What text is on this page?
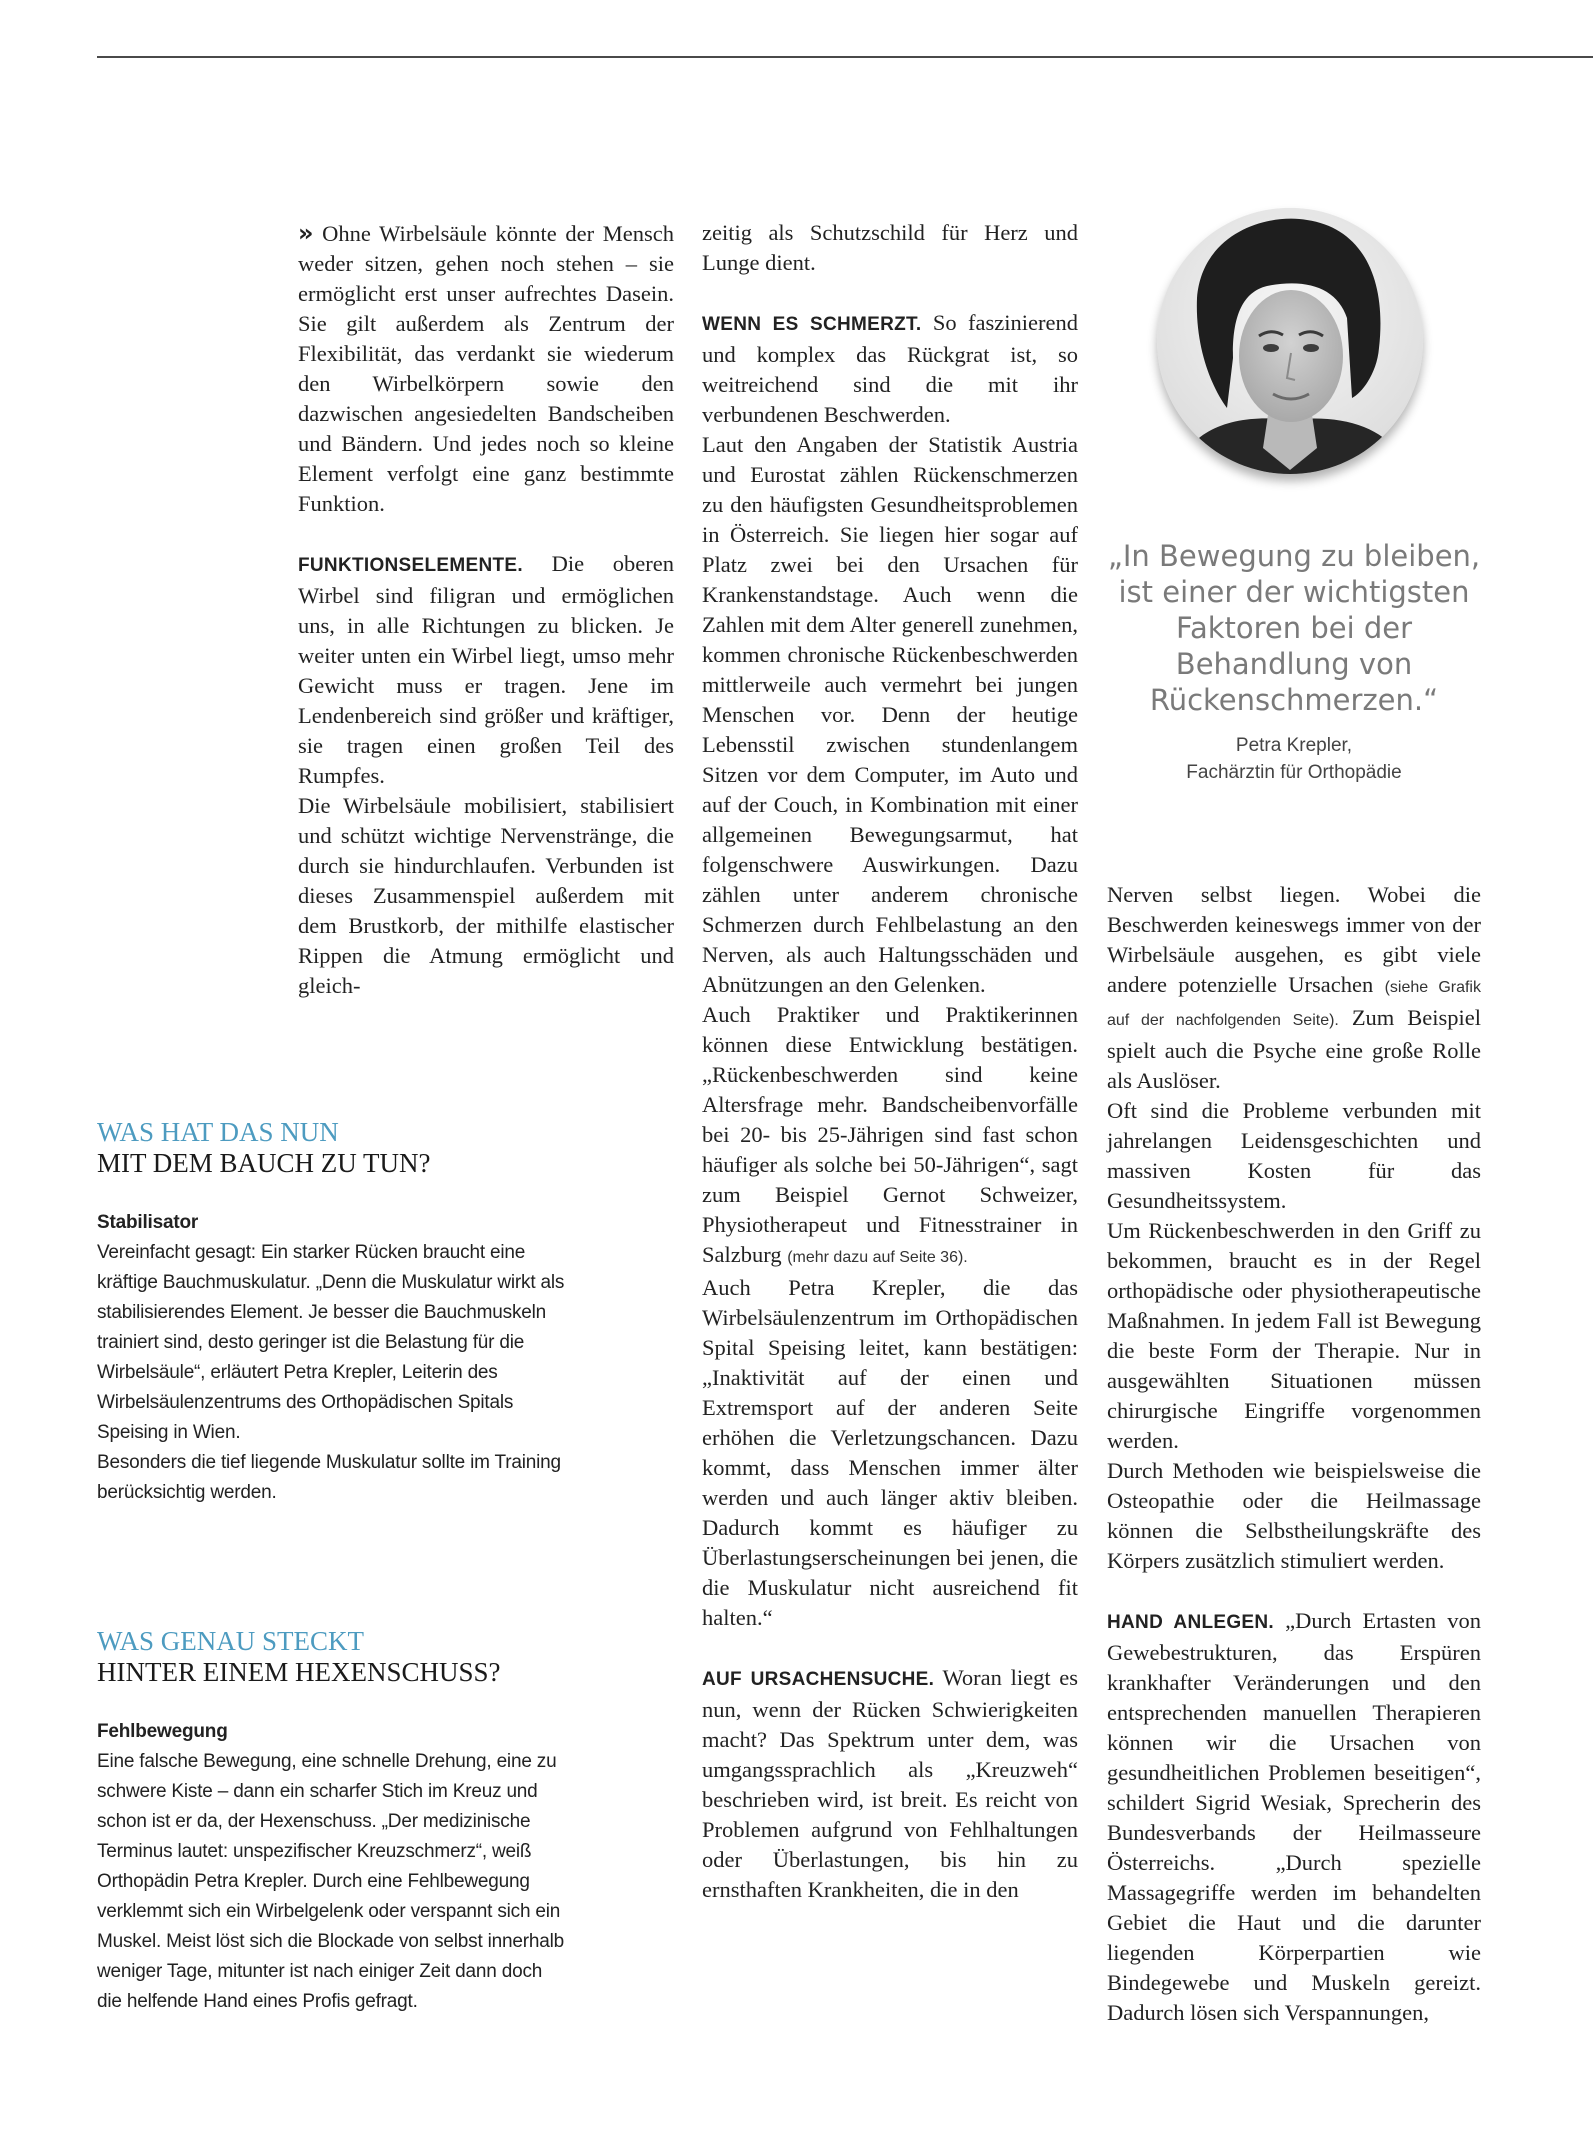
» Ohne Wirbelsäule könnte der Mensch weder sitzen, gehen noch stehen – sie ermöglicht erst unser aufrechtes Dasein. Sie gilt außerdem als Zentrum der Flexibilität, das verdankt sie wiederum den Wirbelkörpern sowie den dazwischen angesiedelten Bandscheiben und Bändern. Und jedes noch so kleine Element verfolgt eine ganz bestimmte Funktion.

FUNKTIONSELEMENTE. Die oberen Wirbel sind filigran und ermöglichen uns, in alle Richtungen zu blicken. Je weiter unten ein Wirbel liegt, umso mehr Gewicht muss er tragen. Jene im Lendenbereich sind größer und kräftiger, sie tragen einen großen Teil des Rumpfes.

Die Wirbelsäule mobilisiert, stabilisiert und schützt wichtige Nervenstränge, die durch sie hindurchlaufen. Verbunden ist dieses Zusammenspiel außerdem mit dem Brustkorb, der mithilfe elastischer Rippen die Atmung ermöglicht und gleich-

zeitig als Schutzschild für Herz und Lunge dient.

WENN ES SCHMERZT. So faszinierend und komplex das Rückgrat ist, so weitreichend sind die mit ihr verbundenen Beschwerden.

Laut den Angaben der Statistik Austria und Eurostat zählen Rückenschmerzen zu den häufigsten Gesundheitsproblemen in Österreich. Sie liegen hier sogar auf Platz zwei bei den Ursachen für Krankenstandstage. Auch wenn die Zahlen mit dem Alter generell zunehmen, kommen chronische Rückenbeschwerden mittlerweile auch vermehrt bei jungen Menschen vor. Denn der heutige Lebensstil zwischen stundenlangem Sitzen vor dem Computer, im Auto und auf der Couch, in Kombination mit einer allgemeinen Bewegungsarmut, hat folgenschwere Auswirkungen. Dazu zählen unter anderem chronische Schmerzen durch Fehlbelastung an den Nerven, als auch Haltungsschäden und Abnützungen an den Gelenken.

Auch Praktiker und Praktikerinnen können diese Entwicklung bestätigen. „Rückenbeschwerden sind keine Altersfrage mehr. Bandscheibenvorfälle bei 20- bis 25-Jährigen sind fast schon häufiger als solche bei 50-Jährigen“, sagt zum Beispiel Gernot Schweizer, Physiotherapeut und Fitnesstrainer in Salzburg (mehr dazu auf Seite 36).

Auch Petra Krepler, die das Wirbelsäulenzentrum im Orthopädischen Spital Speising leitet, kann bestätigen: „Inaktivität auf der einen und Extremsport auf der anderen Seite erhöhen die Verletzungschancen. Dazu kommt, dass Menschen immer älter werden und auch länger aktiv bleiben. Dadurch kommt es häufiger zu Überlastungserscheinungen bei jenen, die die Muskulatur nicht ausreichend fit halten.“

AUF URSACHENSUCHE. Woran liegt es nun, wenn der Rücken Schwierigkeiten macht? Das Spektrum unter dem, was umgangssprachlich als „Kreuzweh“ beschrieben wird, ist breit. Es reicht von Problemen aufgrund von Fehlhaltungen oder Überlastungen, bis hin zu ernsthaften Krankheiten, die in den

„In Bewegung zu bleiben, ist einer der wichtigsten Faktoren bei der Behandlung von Rückenschmerzen.“
Petra Krepler,
Fachärztin für Orthopädie

Nerven selbst liegen. Wobei die Beschwerden keineswegs immer von der Wirbelsäule ausgehen, es gibt viele andere potenzielle Ursachen (siehe Grafik auf der nachfolgenden Seite). Zum Beispiel spielt auch die Psyche eine große Rolle als Auslöser.

Oft sind die Probleme verbunden mit jahrelangen Leidensgeschichten und massiven Kosten für das Gesundheitssystem.

Um Rückenbeschwerden in den Griff zu bekommen, braucht es in der Regel orthopädische oder physiotherapeutische Maßnahmen. In jedem Fall ist Bewegung die beste Form der Therapie. Nur in ausgewählten Situationen müssen chirurgische Eingriffe vorgenommen werden.

Durch Methoden wie beispielsweise die Osteopathie oder die Heilmassage können die Selbstheilungskräfte des Körpers zusätzlich stimuliert werden.

HAND ANLEGEN. „Durch Ertasten von Gewebestrukturen, das Erspüren krankhafter Veränderungen und den entsprechenden manuellen Therapieren können wir die Ursachen von gesundheitlichen Problemen beseitigen“, schildert Sigrid Wesiak, Sprecherin des Bundesverbands der Heilmasseure Österreichs. „Durch spezielle Massagegriffe werden im behandelten Gebiet die Haut und die darunter liegenden Körperpartien wie Bindegewebe und Muskeln gereizt. Dadurch lösen sich Verspannungen,

WAS HAT DAS NUN
MIT DEM BAUCH ZU TUN?
Stabilisator
Vereinfacht gesagt: Ein starker Rücken braucht eine kräftige Bauchmuskulatur. „Denn die Muskulatur wirkt als stabilisierendes Element. Je besser die Bauchmuskeln trainiert sind, desto geringer ist die Belastung für die Wirbelsäule“, erläutert Petra Krepler, Leiterin des Wirbelsäulenzentrums des Orthopädischen Spitals Speising in Wien.
Besonders die tief liegende Muskulatur sollte im Training berücksichtig werden.
WAS GENAU STECKT
HINTER EINEM HEXENSCHUSS?
Fehlbewegung
Eine falsche Bewegung, eine schnelle Drehung, eine zu schwere Kiste – dann ein scharfer Stich im Kreuz und schon ist er da, der Hexenschuss. „Der medizinische Terminus lautet: unspezifischer Kreuzschmerz“, weiß Orthopädin Petra Krepler. Durch eine Fehlbewegung verklemmt sich ein Wirbelgelenk oder verspannt sich ein Muskel. Meist löst sich die Blockade von selbst innerhalb weniger Tage, mitunter ist nach einiger Zeit dann doch die helfende Hand eines Profis gefragt.
